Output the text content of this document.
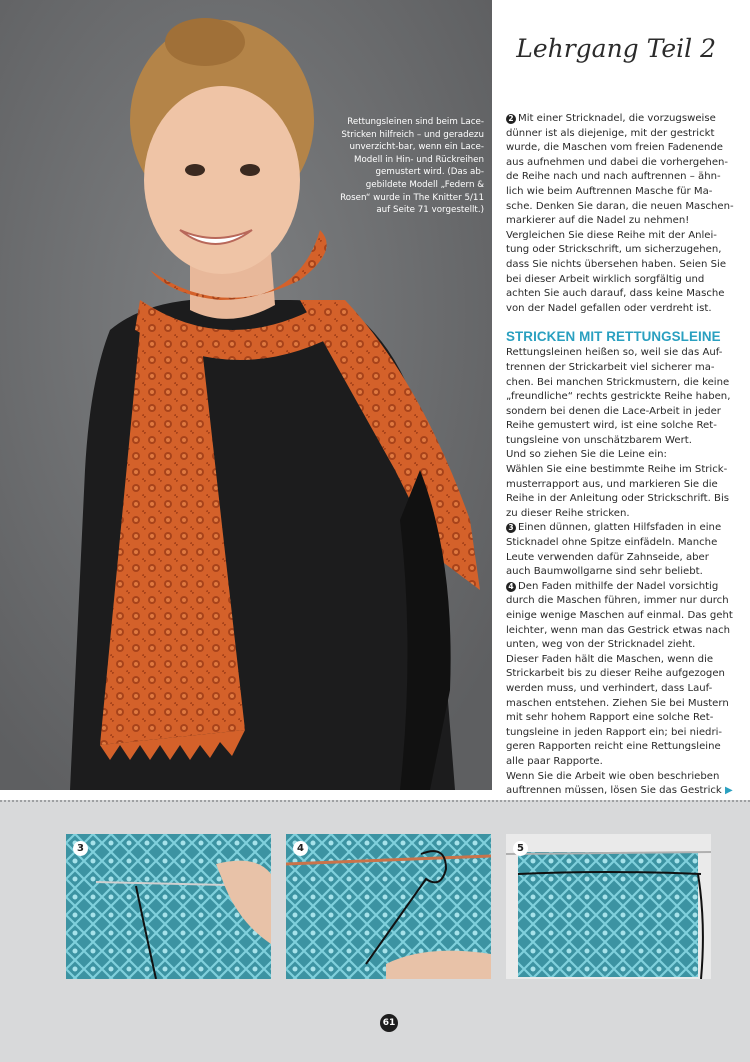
Rettungsleinen sind beim Lace-Stricken hilfreich – und geradezu unverzicht-bar, wenn ein Lace-Modell in Hin- und Rückreihen gemustert wird. (Das ab-gebildete Modell „Federn & Rosen“ wurde in The Knitter 5/11 auf Seite 71 vorgestellt.)

Lehrgang Teil 2

2 Mit einer Stricknadel, die vorzugsweise dünner ist als diejenige, mit der gestrickt wurde, die Maschen vom freien Fadenende aus aufnehmen und dabei die vorhergehen-de Reihe nach und nach auftrennen – ähn-lich wie beim Auftrennen Masche für Ma-sche. Denken Sie daran, die neuen Maschen-markierer auf die Nadel zu nehmen! Vergleichen Sie diese Reihe mit der Anlei-tung oder Strickschrift, um sicherzugehen, dass Sie nichts übersehen haben. Seien Sie bei dieser Arbeit wirklich sorgfältig und achten Sie auch darauf, dass keine Masche von der Nadel gefallen oder verdreht ist.

STRICKEN MIT RETTUNGSLEINE

Rettungsleinen heißen so, weil sie das Auf-trennen der Strickarbeit viel sicherer ma-chen. Bei manchen Strickmustern, die keine „freundliche“ rechts gestrickte Reihe haben, sondern bei denen die Lace-Arbeit in jeder Reihe gemustert wird, ist eine solche Ret-tungsleine von unschätzbarem Wert.

Und so ziehen Sie die Leine ein:

Wählen Sie eine bestimmte Reihe im Strick-musterrapport aus, und markieren Sie die Reihe in der Anleitung oder Strickschrift. Bis zu dieser Reihe stricken.

3 Einen dünnen, glatten Hilfsfaden in eine Sticknadel ohne Spitze einfädeln. Manche Leute verwenden dafür Zahnseide, aber auch Baumwollgarne sind sehr beliebt.

4 Den Faden mithilfe der Nadel vorsichtig durch die Maschen führen, immer nur durch einige wenige Maschen auf einmal. Das geht leichter, wenn man das Gestrick etwas nach unten, weg von der Stricknadel zieht.

Dieser Faden hält die Maschen, wenn die Strickarbeit bis zu dieser Reihe aufgezogen werden muss, und verhindert, dass Lauf-maschen entstehen. Ziehen Sie bei Mustern mit sehr hohem Rapport eine solche Ret-tungsleine in jeden Rapport ein; bei niedri-geren Rapporten reicht eine Rettungsleine alle paar Rapporte.

Wenn Sie die Arbeit wie oben beschrieben auftrennen müssen, lösen Sie das Gestrick ▶

3	4	5
61
